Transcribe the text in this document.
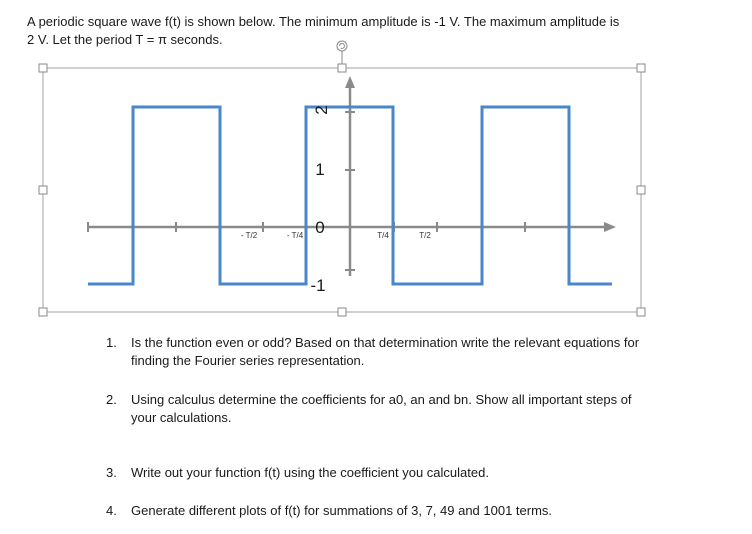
A periodic square wave f(t) is shown below. The minimum amplitude is -1 V. The maximum amplitude is
2 V. Let the period T = π seconds.
2
1
0
-1
- T/2	- T/4	T/4	T/2
1. Is the function even or odd? Based on that determination write the relevant equations for
finding the Fourier series representation.
2. Using calculus determine the coefficients for a0, an and bn. Show all important steps of
your calculations.
3. Write out your function f(t) using the coefficient you calculated.
4. Generate different plots of f(t) for summations of 3, 7, 49 and 1001 terms.
